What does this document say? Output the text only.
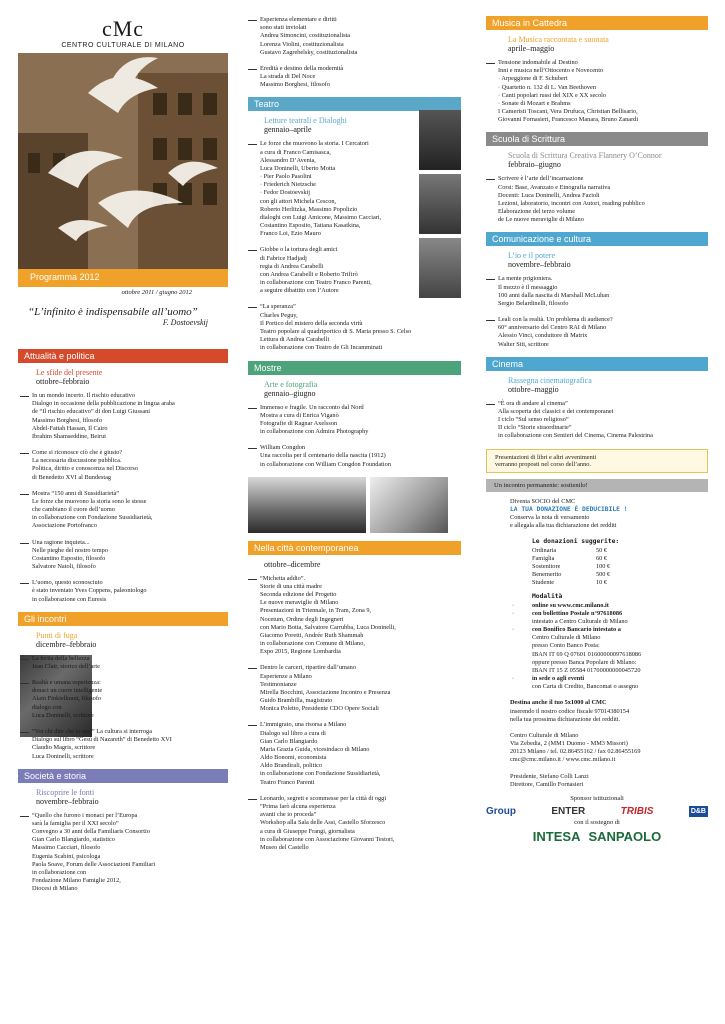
cMc
CENTRO CULTURALE DI MILANO
Programma 2012
ottobre 2011 / giugno 2012
“L’infinito è indispensabile all’uomo”
F. Dostoevskij
Attualità e politica
Le sfide del presente
ottobre–febbraio
In un mondo incerto. Il rischio educativo
Dialogo in occasione della pubblicazione in lingua araba
de “Il rischio educativo” di don Luigi Giussani
Massimo Borghesi, filosofo
Abdel-Fattah Hassan, Il Cairo
Ibrahim Shamseddine, Beirut
Come si riconosce ciò che è giusto?
La necessaria discussione pubblica.
Politica, diritto e conoscenza nel Discorso
di Benedetto XVI al Bundestag
Mostra “150 anni di Sussidiarietà”
Le forze che muovono la storia sono le stesse
che cambiano il cuore dell’uomo
in collaborazione con Fondazione Sussidiarietà,
Associazione Portofranco
Una ragione inquieta...
Nelle pieghe del nostro tempo
Costantino Esposito, filosofo
Salvatore Natoli, filosofo
L’uomo, questo sconosciuto
è stato inventato Yves Coppens, paleontologo
in collaborazione con Euresis
Gli incontri
Punti di fuga
dicembre–febbraio
La ferita della bellezza
Jean Clair, storico dell’arte
Realtà e umana esperienza:
donaci un cuore intelligente
Alain Finkielkraut, filosofo
dialogo con
Luca Doninelli, scrittore
“Voi chi dite che io sia?” La cultura si interroga
Dialogo sul libro “Gesù di Nazareth” di Benedetto XVI
Claudio Magris, scrittore
Luca Doninelli, scrittore
Società e storia
Riscoprire le fonti
novembre–febbraio
“Quello che furono i monaci per l’Europa
sarà la famiglia per il XXI secolo”
Convegno a 30 anni della Familiaris Consortio
Gian Carlo Blangiardo, statistico
Massimo Cacciari, filosofo
Eugenia Scabini, psicologa
Paola Soave, Forum delle Associazioni Familiari
in collaborazione con
Fondazione Milano Famiglie 2012,
Diocesi di Milano
Esperienza elementare e diritti
sono stati inviolati
Andrea Simoncini, costituzionalista
Lorenza Violini, costituzionalista
Gustavo Zagrebelsky, costituzionalista
Eredità e destino della modernità
La strada di Del Noce
Massimo Borghesi, filosofo
Teatro
Letture teatrali e Dialoghi
gennaio–aprile
Le forze che muovono la storia. I Cercatori
a cura di Franco Camisasca,
Alessandro D’Avenia,
Luca Doninelli, Uberto Motta
· Pier Paolo Pasolini
· Friederich Nietzsche
· Fedor Dostoevskij
con gli attori Michela Cescon,
Roberto Herlitzka, Massimo Popolizio
dialoghi con Luigi Amicone, Massimo Cacciari,
Costantino Esposito, Tatiana Kasatkina,
Franco Loi, Ezio Mauro
Giobbe o la tortura degli amici
di Fabrice Hadjadj
regia di Andrea Carabelli
con Andrea Carabelli e Roberto Trifirò
in collaborazione con Teatro Franco Parenti,
a seguire dibattito con l’Autore
“La speranza”
Charles Peguy,
Il Portico del mistero della seconda virtù
Teatro popolare al quadriportico di S. Maria presso S. Celso
Lettura di Andrea Carabelli
in collaborazione con Teatro de Gli Incamminati
Mostre
Arte e fotografia
gennaio–giugno
Immenso e fragile. Un racconto dal Nord
Mostra a cura di Enrica Viganò
Fotografie di Ragnar Axelsson
in collaborazione con Admira Photography
William Congdon
Una raccolta per il centenario della nascita (1912)
in collaborazione con William Congdon Foundation
Nella città contemporanea
ottobre–dicembre
“Michetta addio”.
Storie di una città madre
Seconda edizione del Progetto
Le nuove meraviglie di Milano
Presentazioni in Triennale, in Tram, Zona 9,
Nocetum, Ordine degli Ingegneri
con Mario Botta, Salvatore Carrubba, Luca Doninelli,
Giacomo Poretti, Andrée Ruth Shammah
in collaborazione con Comune di Milano,
Expo 2015, Regione Lombardia
Dentro le carceri, ripartire dall’umano
Esperienze a Milano
Testimonianze
Mirella Bocchini, Associazione Incontro e Presenza
Guido Brambilla, magistrato
Monica Poletto, Presidente CDO Opere Sociali
L’immigrato, una risorsa a Milano
Dialogo sul libro a cura di
Gian Carlo Blangiardo
Maria Grazia Guida, vicesindaco di Milano
Aldo Bonomi, economista
Aldo Brandirali, politico
in collaborazione con Fondazione Sussidiarietà,
Teatro Franco Parenti
Leonardo, segreti e scommesse per la città di oggi
“Prima farò alcuna esperienza
avanti che io proceda”
Workshop alla Sala delle Assi, Castello Sforzesco
a cura di Giuseppe Frangi, giornalista
in collaborazione con Associazione Giovanni Testori,
Museo del Castello
Musica in Cattedra
La Musica raccontata e suonata
aprile–maggio
Tensione indomabile al Destino
Inni e musica nell’Ottocento e Novecento
· Arpeggione di F. Schubert
· Quartetto n. 132 di L. Van Beethoven
· Canti popolari russi del XIX e XX secolo
· Sonate di Mozart e Brahms
I Cameristi Toscani, Vera Drufuca, Christian Bellisario,
Giovanni Fornasieri, Francesco Manara, Bruno Zanardi
Scuola di Scrittura
Scuola di Scrittura Creativa Flannery O’Connor
febbraio–giugno
Scrivere è l’arte dell’incarnazione
Corsi: Base, Avanzato e Etnografia narrativa
Docenti: Luca Doninelli, Andrea Fazioli
Lezioni, laboratorio, incontri con Autori, reading pubblico
Elaborazione del terzo volume
de Le nuove meraviglie di Milano
Comunicazione e cultura
L’io e il potere
novembre–febbraio
La mente prigioniera.
Il mezzo è il messaggio
100 anni dalla nascita di Marshall McLuhan
Sergio Belardinelli, filosofo
Leali con la realtà. Un problema di audience?
60° anniversario del Centro RAI di Milano
Alessio Vinci, conduttore di Matrix
Walter Siti, scrittore
Cinema
Rassegna cinematografica
ottobre–maggio
“È ora di andare al cinema”
Alla scoperta dei classici e dei contemporanei
I ciclo “Sul senso religioso”
II ciclo “Storie straordinarie”
in collaborazione con Sentieri del Cinema, Cinema Palestrina
Presentazioni di libri e altri avvenimenti
verranno proposti nel corso dell’anno.
Un incontro permanente: sostienilo!
Diventa SOCIO del CMC
LA TUA DONAZIONE È DEDUCIBILE !
Conserva la nota di versamento
e allegala alla tua dichiarazione dei redditi
Le donazioni suggerite:
Ordinaria	50 €
Famiglia	60 €
Sostenitore	100 €
Benemerito	500 €
Studente	10 €
Modalità
·	online su www.cmc.milano.it
·	con bollettino Postale n°97618086
intestato a Centro Culturale di Milano
·	con Bonifico Bancario intestato a
Centro Culturale di Milano
presso Conto Banco Posta:
IBAN IT 69 Q 07601 01600000097618086
oppure presso Banca Popolare di Milano:
IBAN IT 15 Z 05584 01700000000045720
·	in sede o agli eventi
con Carta di Credito, Bancomat o assegno
Destina anche il tuo 5x1000 al CMC
inserendo il nostro codice fiscale 97014380154
nella tua prossima dichiarazione dei redditi.
Centro Culturale di Milano
Via Zebedia, 2 (MM1 Duomo - MM3 Missori)
20123 Milano / tel. 02.86455162 / fax 02.86455169
cmc@cmc.milano.it / www.cmc.milano.it

Presidente, Stefano Colli Lanzi
Direttore, Camillo Fornasieri
Sponsor istituzionali
Group	ENTER	TRIBIS	D&B
con il sostegno di
INTESA SANPAOLO
